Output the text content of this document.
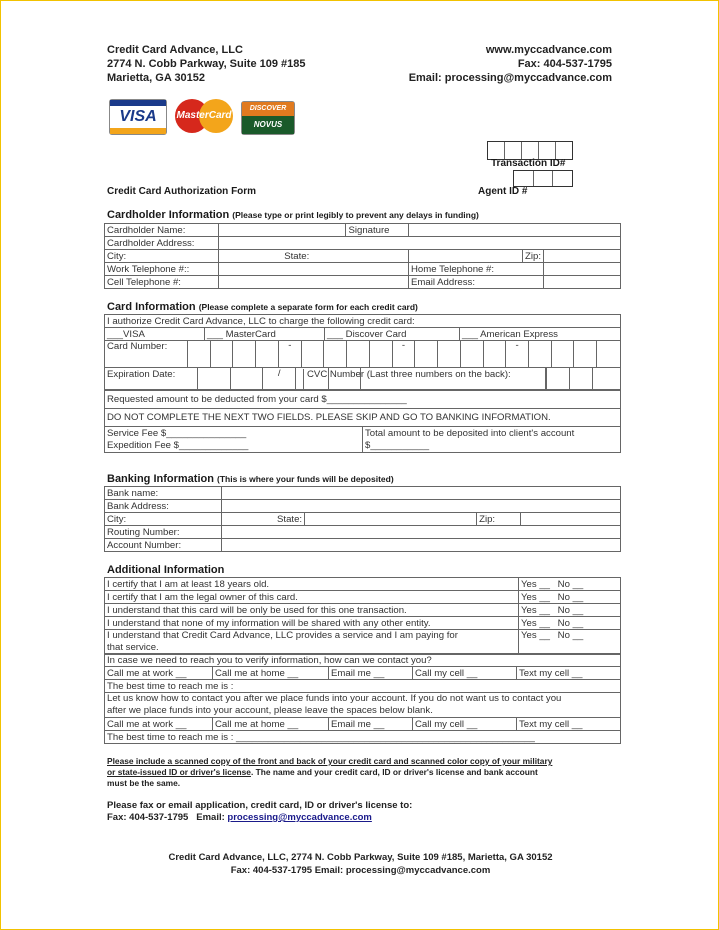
Credit Card Advance, LLC
2774 N. Cobb Parkway, Suite 109 #185
Marietta, GA 30152
www.myccadvance.com
Fax: 404-537-1795
Email: processing@myccadvance.com
VISA	MasterCard
DISCOVER
NOVUS
Transaction ID#
Credit Card Authorization Form	Agent ID #
Cardholder Information (Please type or print legibly to prevent any delays in funding)
Cardholder Name:		Signature			
Cardholder Address:					
City:	State:			Zip:	
Work Telephone #::			Home Telephone #:		
Cell Telephone #:			Email Address:		
Card Information (Please complete a separate form for each credit card)
I authorize Credit Card Advance, LLC to charge the following credit card:
___VISA	___ MasterCard	___ Discover Card	___ American Express
Card Number:	-	-	-
Expiration Date:	/	CVC Number (Last three numbers on the back):
Requested amount to be deducted from your card $_______________
DO NOT COMPLETE THE NEXT TWO FIELDS. PLEASE SKIP AND GO TO BANKING INFORMATION.

Service Fee $_______________
Expedition Fee $_____________

Total amount to be deposited into client's account
$___________
Banking Information (This is where your funds will be deposited)
Bank name:				
Bank Address:				
City:	State:		Zip:	
Routing Number:				
Account Number:				
Additional Information
I certify that I am at least 18 years old.	Yes __ No __
I certify that I am the legal owner of this card.	Yes __ No __
I understand that this card will be only be used for this one transaction.	Yes __ No __
I understand that none of my information will be shared with any other entity.	Yes __ No __

I understand that Credit Card Advance, LLC provides a service and I am paying for
that service.	Yes __ No __
In case we need to reach you to verify information, how can we contact you?				
Call me at work __	Call me at home __	Email me __	Call my cell __	Text my cell __
The best time to reach me is :				

Let us know how to contact you after we place funds into your account. If you do not want us to contact you
after we place funds into your account, please leave the spaces below blank.				

Call me at work __	Call me at home __	Email me __	Call my cell __	Text my cell __
The best time to reach me is : ________________________________________________________				
Please include a scanned copy of the front and back of your credit card and scanned color copy of your military
or state-issued ID or driver's license. The name and your credit card, ID or driver's license and bank account
must be the same.
Please fax or email application, credit card, ID or driver's license to:
Fax: 404-537-1795 Email: processing@myccadvance.com
Credit Card Advance, LLC, 2774 N. Cobb Parkway, Suite 109 #185, Marietta, GA 30152
Fax: 404-537-1795 Email: processing@myccadvance.com
